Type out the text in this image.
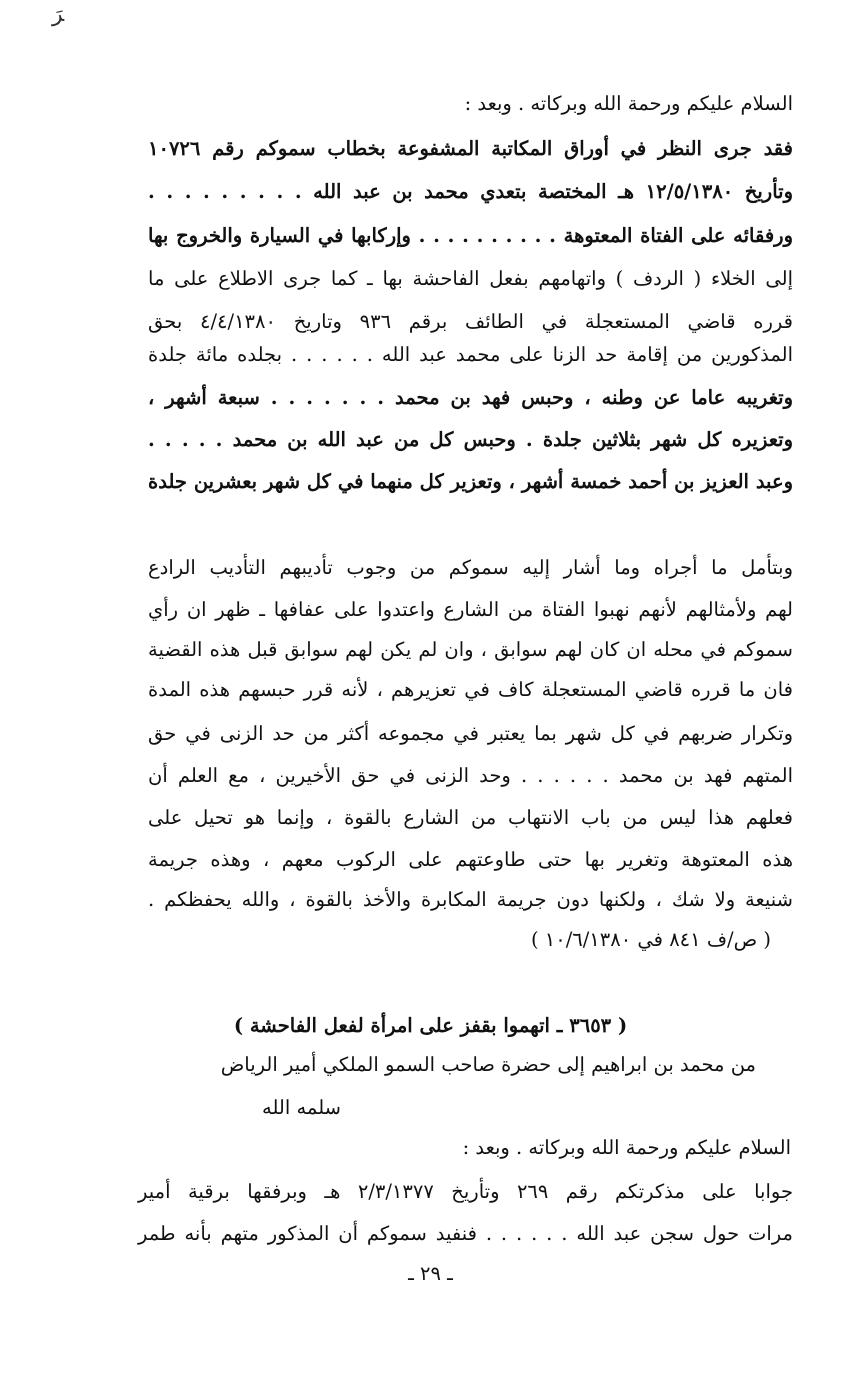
ﺮَ
السلام عليكم ورحمة الله وبركاته . وبعد :
فقد جرى النظر في أوراق المكاتبة المشفوعة بخطاب سموكم رقم ١٠٧٢٦
وتأريخ ١٢/٥/١٣٨٠ هـ المختصة بتعدي محمد بن عبد الله . . . . . . . . .
ورفقائه على الفتاة المعتوهة . . . . . . . . . . وإركابها في السيارة والخروج بها
إلى الخلاء ( الردف ) واتهامهم بفعل الفاحشة بها ـ كما جرى الاطلاع على ما
قرره قاضي المستعجلة في الطائف برقم ٩٣٦ وتاريخ ٤/٤/١٣٨٠ بحق
المذكورين من إقامة حد الزنا على محمد عبد الله . . . . . . بجلده مائة جلدة
وتغريبه عاما عن وطنه ، وحبس فهد بن محمد . . . . . . . سبعة أشهر ،
وتعزيره كل شهر بثلاثين جلدة . وحبس كل من عبد الله بن محمد . . . . .
وعبد العزيز بن أحمد خمسة أشهر ، وتعزير كل منهما في كل شهر بعشرين جلدة
وبتأمل ما أجراه وما أشار إليه سموكم من وجوب تأديبهم التأديب الرادع
لهم ولأمثالهم لأنهم نهبوا الفتاة من الشارع واعتدوا على عفافها ـ ظهر ان رأي
سموكم في محله ان كان لهم سوابق ، وان لم يكن لهم سوابق قبل هذه القضية
فان ما قرره قاضي المستعجلة كاف في تعزيرهم ، لأنه قرر حبسهم هذه المدة
وتكرار ضربهم في كل شهر بما يعتبر في مجموعه أكثر من حد الزنى في حق
المتهم فهد بن محمد . . . . . . وحد الزنى في حق الأخيرين ، مع العلم أن
فعلهم هذا ليس من باب الانتهاب من الشارع بالقوة ، وإنما هو تحيل على
هذه المعتوهة وتغرير بها حتى طاوعتهم على الركوب معهم ، وهذه جريمة
شنيعة ولا شك ، ولكنها دون جريمة المكابرة والأخذ بالقوة ، والله يحفظكم .
( ص/ف ٨٤١ في ١٠/٦/١٣٨٠ )
( ٣٦٥٣ ـ اتهموا بقفز على امرأة لفعل الفاحشة )
من محمد بن ابراهيم إلى حضرة صاحب السمو الملكي أمير الرياض
سلمه الله
السلام عليكم ورحمة الله وبركاته . وبعد :
جوابا على مذكرتكم رقم ٢٦٩ وتأريخ ٢/٣/١٣٧٧ هـ وبرفقها برقية أمير
مرات حول سجن عبد الله . . . . . . فنفيد سموكم أن المذكور متهم بأنه طمر
ـ ٢٩ ـ
